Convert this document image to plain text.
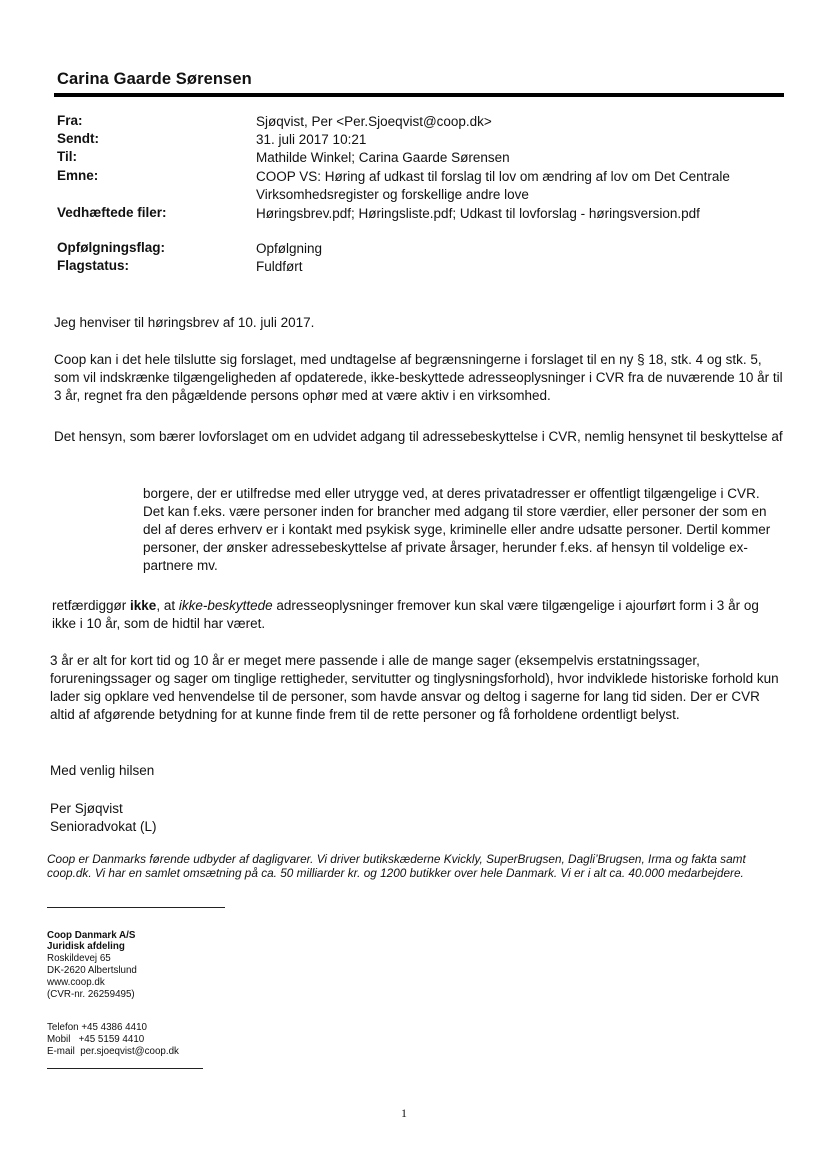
Carina Gaarde Sørensen
Fra:	Sjøqvist, Per <Per.Sjoeqvist@coop.dk>
Sendt:	31. juli 2017 10:21
Til:	Mathilde Winkel; Carina Gaarde Sørensen
Emne:	COOP VS: Høring af udkast til forslag til lov om ændring af lov om Det Centrale Virksomhedsregister og forskellige andre love
Vedhæftede filer:	Høringsbrev.pdf; Høringsliste.pdf; Udkast til lovforslag - høringsversion.pdf
Opfølgningsflag:	Opfølgning
Flagstatus:	Fuldført
Jeg henviser til høringsbrev af 10. juli 2017.
Coop kan i det hele tilslutte sig forslaget, med undtagelse af begrænsningerne i forslaget til en ny § 18, stk. 4 og stk. 5, som vil indskrænke tilgængeligheden af opdaterede, ikke-beskyttede adresseoplysninger i CVR fra de nuværende 10 år til 3 år, regnet fra den pågældende persons ophør med at være aktiv i en virksomhed.
Det hensyn, som bærer lovforslaget om en udvidet adgang til adressebeskyttelse i CVR, nemlig hensynet til beskyttelse af
borgere, der er utilfredse med eller utrygge ved, at deres privatadresser er offentligt tilgængelige i CVR. Det kan f.eks. være personer inden for brancher med adgang til store værdier, eller personer der som en del af deres erhverv er i kontakt med psykisk syge, kriminelle eller andre udsatte personer. Dertil kommer personer, der ønsker adressebeskyttelse af private årsager, herunder f.eks. af hensyn til voldelige ex-partnere mv.
retfærdiggør ikke, at ikke-beskyttede adresseoplysninger fremover kun skal være tilgængelige i ajourført form i 3 år og ikke i 10 år, som de hidtil har været.
3 år er alt for kort tid og 10 år er meget mere passende i alle de mange sager (eksempelvis erstatningssager, forureningssager og sager om tinglige rettigheder, servitutter og tinglysningsforhold), hvor indviklede historiske forhold kun lader sig opklare ved henvendelse til de personer, som havde ansvar og deltog i sagerne for lang tid siden. Der er CVR altid af afgørende betydning for at kunne finde frem til de rette personer og få forholdene ordentligt belyst.
Med venlig hilsen
Per Sjøqvist
Senioradvokat (L)
Coop er Danmarks førende udbyder af dagligvarer. Vi driver butikskæderne Kvickly, SuperBrugsen, Dagli’Brugsen, Irma og fakta samt coop.dk. Vi har en samlet omsætning på ca. 50 milliarder kr. og 1200 butikker over hele Danmark. Vi er i alt ca. 40.000 medarbejdere.
Coop Danmark A/S
Juridisk afdeling
Roskildevej 65
DK-2620 Albertslund
www.coop.dk
(CVR-nr. 26259495)
Telefon +45 4386 4410
Mobil   +45 5159 4410
E-mail  per.sjoeqvist@coop.dk
1
